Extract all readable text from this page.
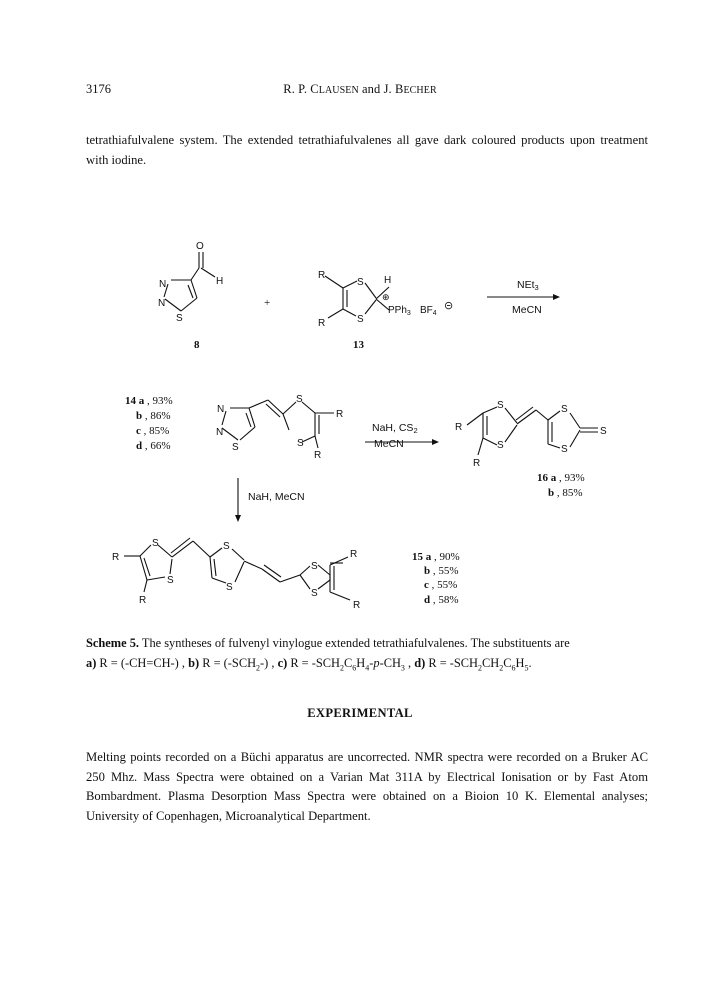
3176	R. P. CLAUSEN and J. BECHER

tetrathiafulvalene system. The extended tetrathiafulvalenes all gave dark coloured products upon treatment with iodine.

O
N
N
S
H
R
S
S
R
H
⊕
PPh$_3$ $BF_4$
⊝
N
N
S
S
S
R
R
R
S
S
R
S
S
S
R
S
S
R
S
S
S
S
R
R
NEt3
MeCN
NaH, CS2
MeCN
NaH, MeCN
+
8	13
14 a , 93%
b , 86%
c , 85%
d , 66%
16 a , 93%
b , 85%
15 a , 90%
b , 55%
c , 55%
d , 58%
Scheme 5. The syntheses of fulvenyl vinylogue extended tetrathiafulvalenes. The substituents are
a) R = (-CH=CH-) , b) $R = (-SCH_2-)$ , c) $R = -SCH_2C_6H_4-p-CH_3$ , d) $R = -SCH_2CH_2C_6H_5$.
EXPERIMENTAL

Melting points recorded on a Büchi apparatus are uncorrected. NMR spectra were recorded on a Bruker AC 250 Mhz. Mass Spectra were obtained on a Varian Mat 311A by Electrical Ionisation or by Fast Atom Bombardment. Plasma Desorption Mass Spectra were obtained on a Bioion 10 K. Elemental analyses; University of Copenhagen, Microanalytical Department.
